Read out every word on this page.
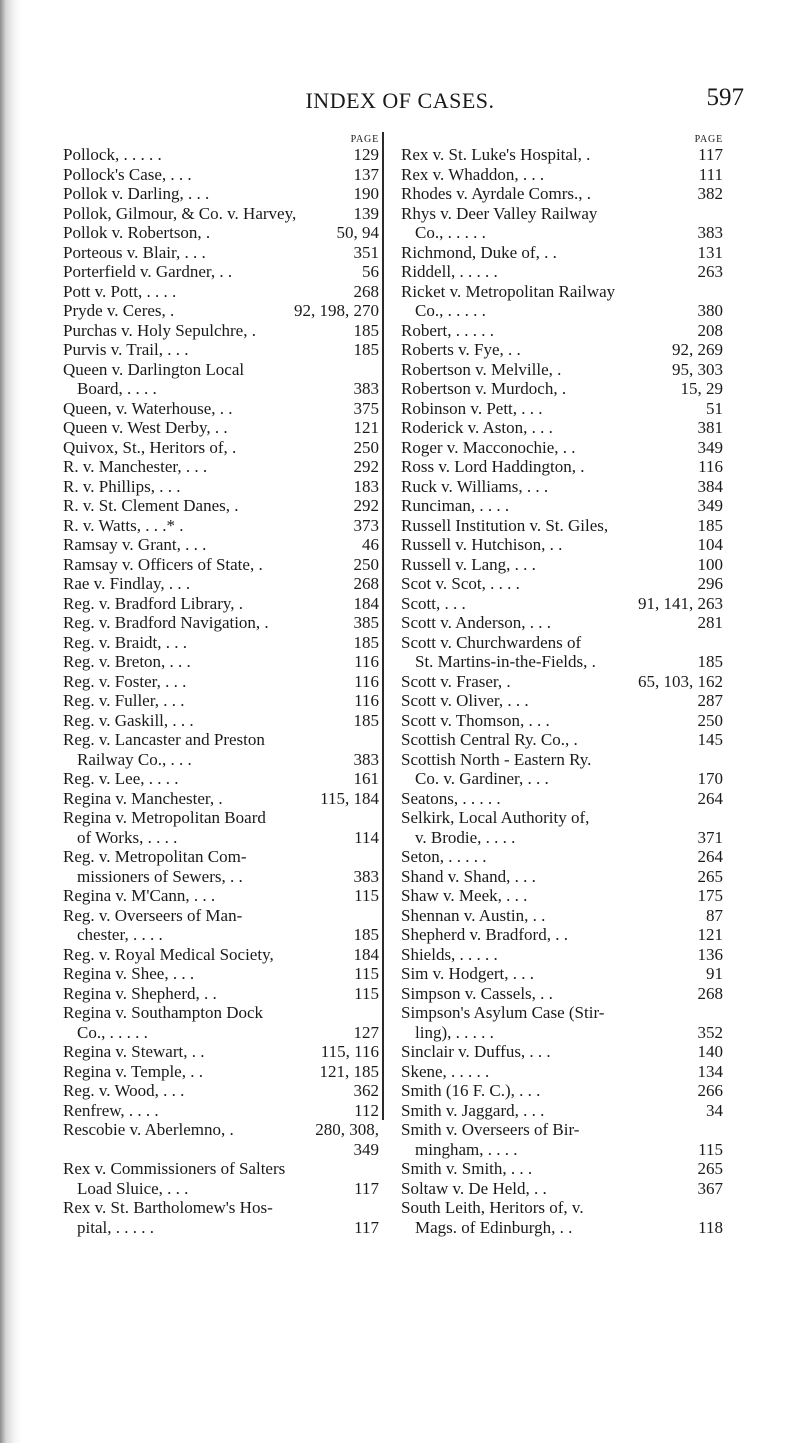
INDEX OF CASES.	597
PAGE
Pollock, . . . . .	129
Pollock's Case, . . .	137
Pollok v. Darling, . . .	190
Pollok, Gilmour, & Co. v. Harvey,	139
Pollok v. Robertson, .	50, 94
Porteous v. Blair, . . .	351
Porterfield v. Gardner, . .	56
Pott v. Pott, . . . .	268
Pryde v. Ceres, .	92, 198, 270
Purchas v. Holy Sepulchre, .	185
Purvis v. Trail, . . .	185
Queen v. Darlington Local
Board, . . . .	383
Queen, v. Waterhouse, . .	375
Queen v. West Derby, . .	121
Quivox, St., Heritors of, .	250
R. v. Manchester, . . .	292
R. v. Phillips, . . .	183
R. v. St. Clement Danes, .	292
R. v. Watts, . . .* .	373
Ramsay v. Grant, . . .	46
Ramsay v. Officers of State, .	250
Rae v. Findlay, . . .	268
Reg. v. Bradford Library, .	184
Reg. v. Bradford Navigation, .	385
Reg. v. Braidt, . . .	185
Reg. v. Breton, . . .	116
Reg. v. Foster, . . .	116
Reg. v. Fuller, . . .	116
Reg. v. Gaskill, . . .	185
Reg. v. Lancaster and Preston
Railway Co., . . .	383
Reg. v. Lee, . . . .	161
Regina v. Manchester, .	115, 184
Regina v. Metropolitan Board
of Works, . . . .	114
Reg. v. Metropolitan Com-
missioners of Sewers, . .	383
Regina v. M'Cann, . . .	115
Reg. v. Overseers of Man-
chester, . . . .	185
Reg. v. Royal Medical Society,	184
Regina v. Shee, . . .	115
Regina v. Shepherd, . .	115
Regina v. Southampton Dock
Co., . . . . .	127
Regina v. Stewart, . .	115, 116
Regina v. Temple, . .	121, 185
Reg. v. Wood, . . .	362
Renfrew, . . . .	112
Rescobie v. Aberlemno, .	280, 308,
349
Rex v. Commissioners of Salters
Load Sluice, . . .	117
Rex v. St. Bartholomew's Hos-
pital, . . . . .	117
PAGE
Rex v. St. Luke's Hospital, .	117
Rex v. Whaddon, . . .	111
Rhodes v. Ayrdale Comrs., .	382
Rhys v. Deer Valley Railway
Co., . . . . .	383
Richmond, Duke of, . .	131
Riddell, . . . . .	263
Ricket v. Metropolitan Railway
Co., . . . . .	380
Robert, . . . . .	208
Roberts v. Fye, . .	92, 269
Robertson v. Melville, .	95, 303
Robertson v. Murdoch, .	15, 29
Robinson v. Pett, . . .	51
Roderick v. Aston, . . .	381
Roger v. Macconochie, . .	349
Ross v. Lord Haddington, .	116
Ruck v. Williams, . . .	384
Runciman, . . . .	349
Russell Institution v. St. Giles,	185
Russell v. Hutchison, . .	104
Russell v. Lang, . . .	100
Scot v. Scot, . . . .	296
Scott, . . .	91, 141, 263
Scott v. Anderson, . . .	281
Scott v. Churchwardens of
St. Martins-in-the-Fields, .	185
Scott v. Fraser, .	65, 103, 162
Scott v. Oliver, . . .	287
Scott v. Thomson, . . .	250
Scottish Central Ry. Co., .	145
Scottish North - Eastern Ry.
Co. v. Gardiner, . . .	170
Seatons, . . . . .	264
Selkirk, Local Authority of,
v. Brodie, . . . .	371
Seton, . . . . .	264
Shand v. Shand, . . .	265
Shaw v. Meek, . . .	175
Shennan v. Austin, . .	87
Shepherd v. Bradford, . .	121
Shields, . . . . .	136
Sim v. Hodgert, . . .	91
Simpson v. Cassels, . .	268
Simpson's Asylum Case (Stir-
ling), . . . . .	352
Sinclair v. Duffus, . . .	140
Skene, . . . . .	134
Smith (16 F. C.), . . .	266
Smith v. Jaggard, . . .	34
Smith v. Overseers of Bir-
mingham, . . . .	115
Smith v. Smith, . . .	265
Soltaw v. De Held, . .	367
South Leith, Heritors of, v.
Mags. of Edinburgh, . .	118
